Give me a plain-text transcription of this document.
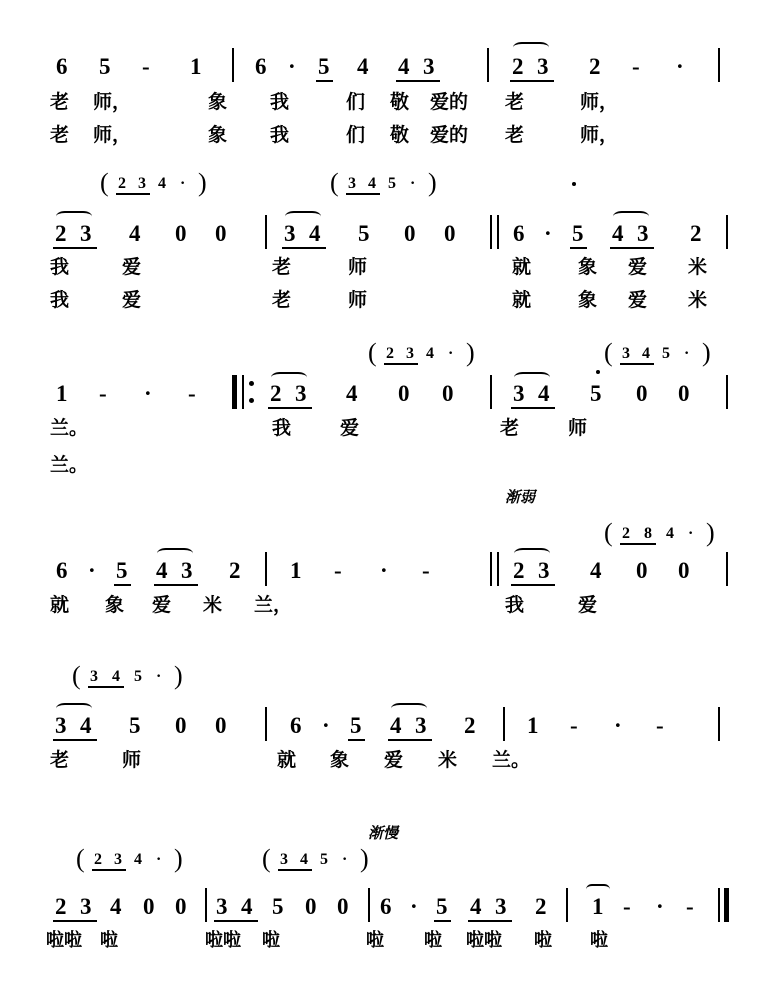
6 5 - 1 6 · 5 4 4 3	2 3 2 - ·
老 师，	象 我	们 敬 爱的 老	师，
老 师，	象 我	们 敬 爱的 老	师，
( 2 3 4 · )	( 3 4 5 · )
2 3 4 0 0	3 4 5 0 0	6 · 5 4 3 2
我	爱	老	师	就 象 爱 米
我	爱	老	师	就 象 爱 米
( 2 3 4 · )	( 3 4 5 · )
1 - · -	2 3 4 0 0	3 4 5 0 0
兰。	我	爱	老	师
兰。
渐弱
( 2 8 4 · )
6 · 5 4 3 2 1 - · -	2 3 4 0 0
就 象 爱 米 兰，	我	爱
( 3 4 5 · )
3 4 5 0 0	6 · 5 4 3 2 1 - · -
老	师	就 象 爱 米 兰。
渐慢
( 2 3 4 · )	( 3 4 5 · )
2 3 4 0 0 3 4 5 0 0 6 · 5 4 3 2 1 - · -
啦啦 啦	啦啦 啦	啦 啦 啦啦 啦 啦
